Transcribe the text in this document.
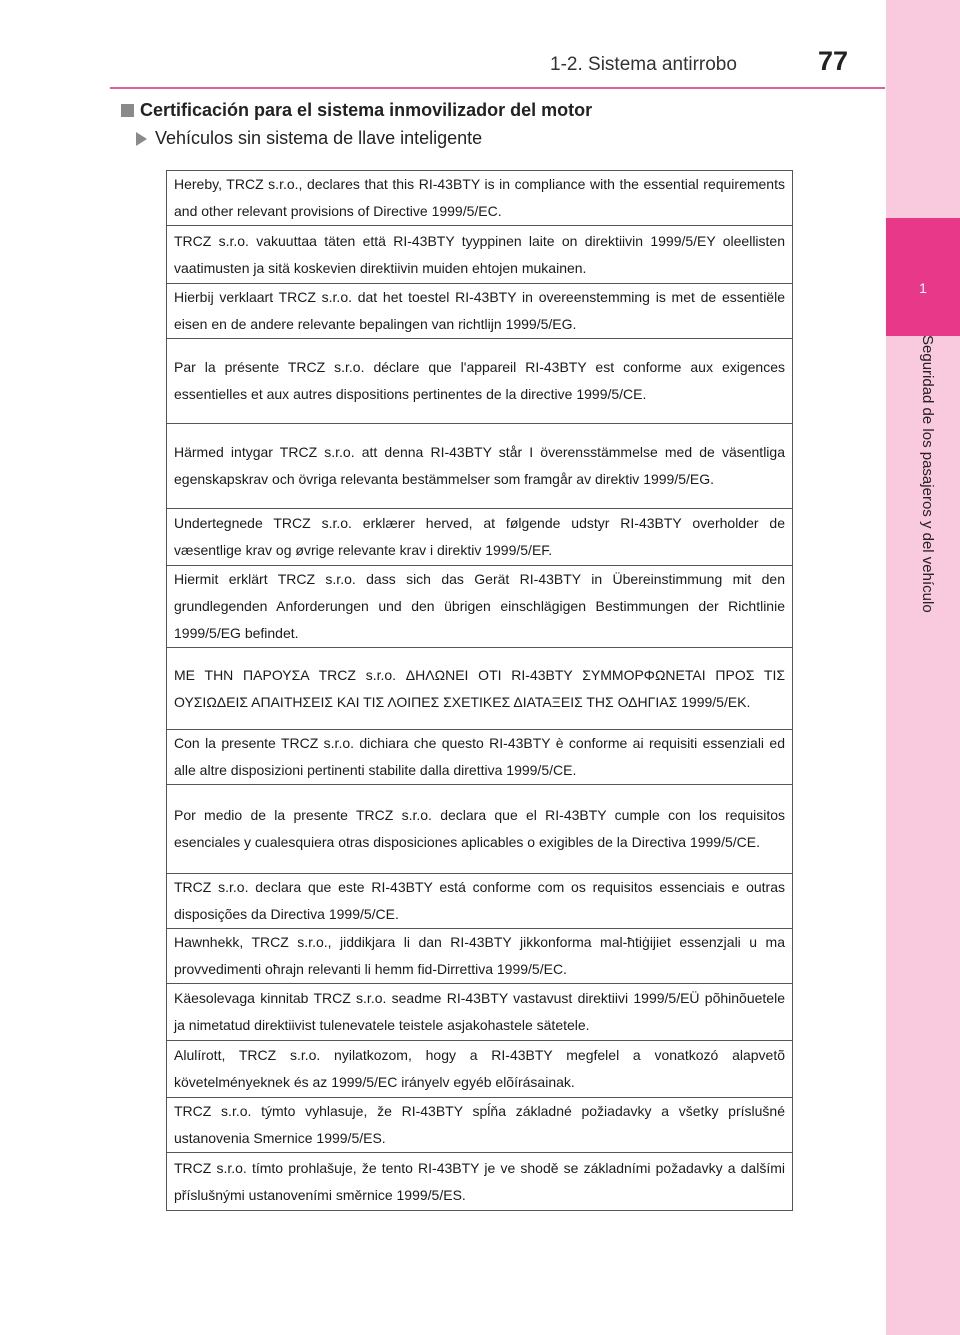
1
Seguridad de los pasajeros y del vehículo
1-2. Sistema antirrobo	77
Certificación para el sistema inmovilizador del motor
Vehículos sin sistema de llave inteligente
Hereby, TRCZ s.r.o., declares that this RI-43BTY is in compliance with the essential requirements and other relevant provisions of Directive 1999/5/EC.
TRCZ s.r.o. vakuuttaa täten että RI-43BTY tyyppinen laite on direktiivin 1999/5/EY oleellisten vaatimusten ja sitä koskevien direktiivin muiden ehtojen mukainen.
Hierbij verklaart TRCZ s.r.o. dat het toestel RI-43BTY in overeenstemming is met de essentiële eisen en de andere relevante bepalingen van richtlijn 1999/5/EG.
Par la présente TRCZ s.r.o. déclare que l'appareil RI-43BTY est conforme aux exigences essentielles et aux autres dispositions pertinentes de la directive 1999/5/CE.
Härmed intygar TRCZ s.r.o. att denna RI-43BTY står I överensstämmelse med de väsentliga egenskapskrav och övriga relevanta bestämmelser som framgår av direktiv 1999/5/EG.
Undertegnede TRCZ s.r.o. erklærer herved, at følgende udstyr RI-43BTY overholder de væsentlige krav og øvrige relevante krav i direktiv 1999/5/EF.
Hiermit erklärt TRCZ s.r.o. dass sich das Gerät RI-43BTY in Übereinstimmung mit den grundlegenden Anforderungen und den übrigen einschlägigen Bestimmungen der Richtlinie 1999/5/EG befindet.
ΜΕ ΤΗΝ ΠΑΡΟΥΣΑ TRCZ s.r.o. ΔΗΛΩΝΕΙ ΟΤΙ RI-43BTY ΣΥΜΜΟΡΦΩΝΕΤΑΙ ΠΡΟΣ ΤΙΣ ΟΥΣΙΩΔΕΙΣ ΑΠΑΙΤΗΣΕΙΣ ΚΑΙ ΤΙΣ ΛΟΙΠΕΣ ΣΧΕΤΙΚΕΣ ΔΙΑΤΑΞΕΙΣ ΤΗΣ ΟΔΗΓΙΑΣ 1999/5/ΕΚ.
Con la presente TRCZ s.r.o. dichiara che questo RI-43BTY è conforme ai requisiti essenziali ed alle altre disposizioni pertinenti stabilite dalla direttiva 1999/5/CE.
Por medio de la presente TRCZ s.r.o. declara que el RI-43BTY cumple con los requisitos esenciales y cualesquiera otras disposiciones aplicables o exigibles de la Directiva 1999/5/CE.
TRCZ s.r.o. declara que este RI-43BTY está conforme com os requisitos essenciais e outras disposições da Directiva 1999/5/CE.
Hawnhekk, TRCZ s.r.o., jiddikjara li dan RI-43BTY jikkonforma mal-ħtiġijiet essenzjali u ma provvedimenti oħrajn relevanti li hemm fid-Dirrettiva 1999/5/EC.
Käesolevaga kinnitab TRCZ s.r.o. seadme RI-43BTY vastavust direktiivi 1999/5/EÜ põhinõuetele ja nimetatud direktiivist tulenevatele teistele asjakohastele sätetele.
Alulírott, TRCZ s.r.o. nyilatkozom, hogy a RI-43BTY megfelel a vonatkozó alapvetõ követelményeknek és az 1999/5/EC irányelv egyéb elõírásainak.
TRCZ s.r.o. týmto vyhlasuje, že RI-43BTY spĺňa základné požiadavky a všetky príslušné ustanovenia Smernice 1999/5/ES.
TRCZ s.r.o. tímto prohlašuje, že tento RI-43BTY je ve shodě se základními požadavky a dalšími příslušnými ustanoveními směrnice 1999/5/ES.
